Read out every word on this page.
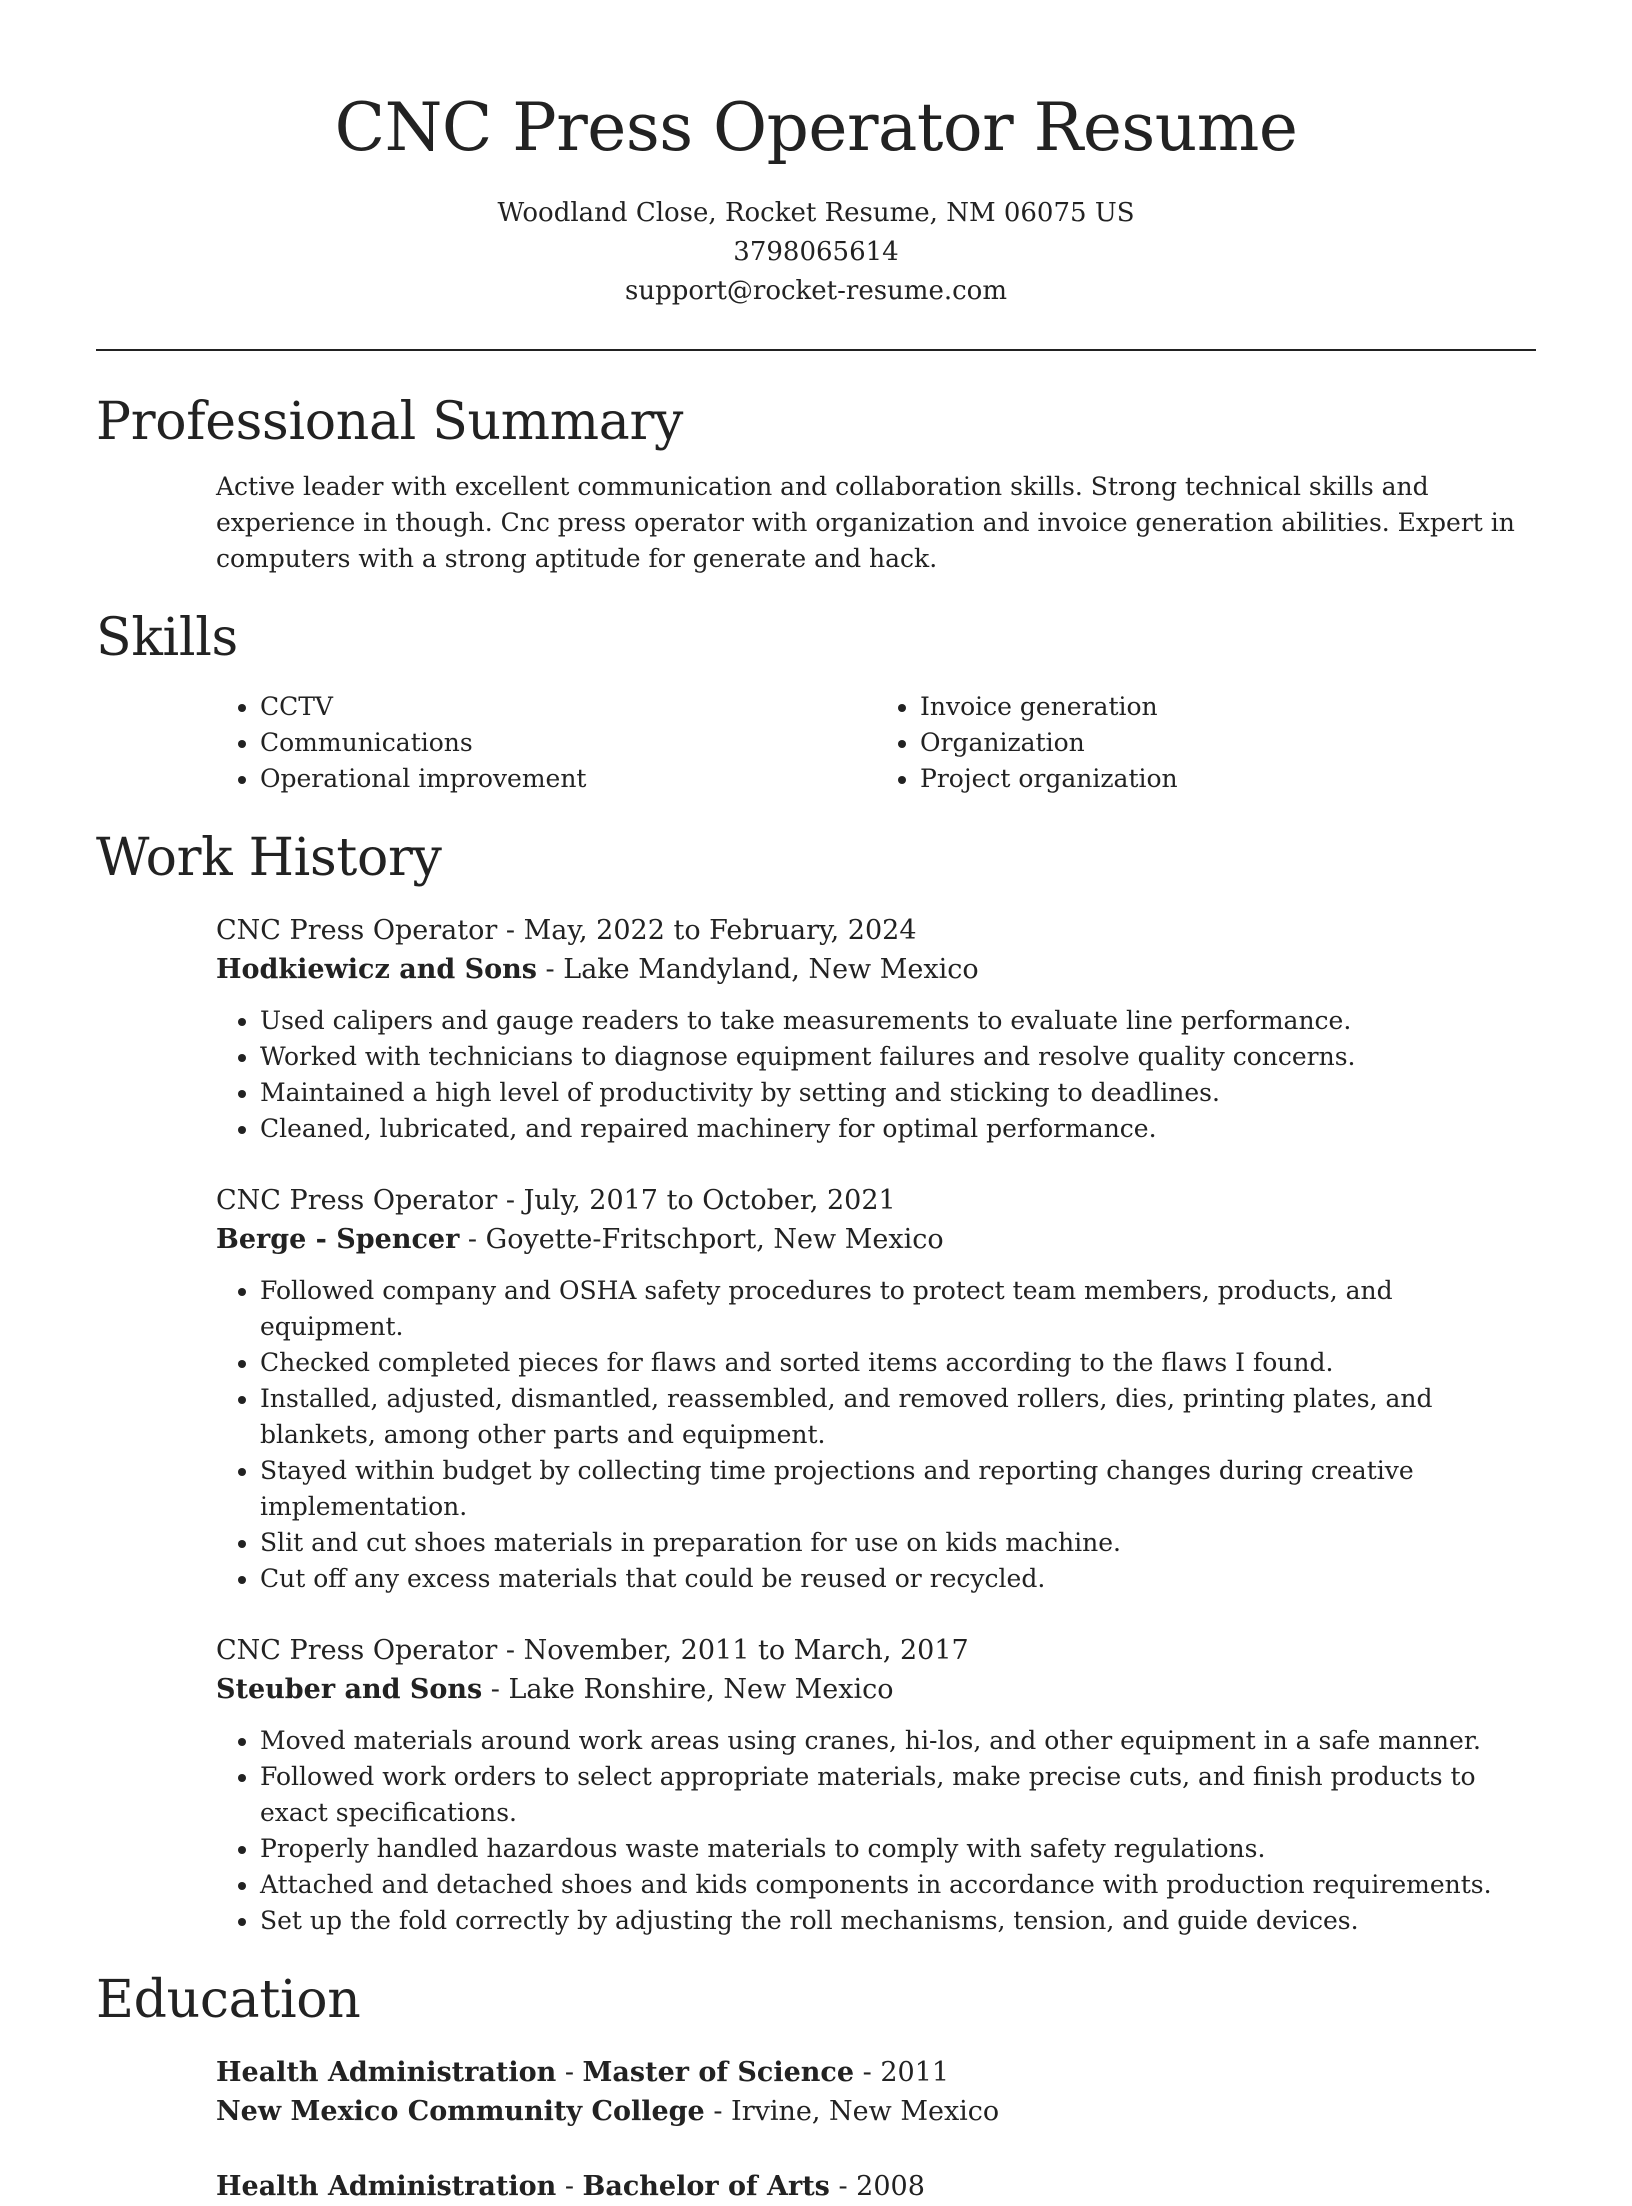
CNC Press Operator Resume
Woodland Close, Rocket Resume, NM 06075 US
3798065614
support@rocket-resume.com
Professional Summary

Active leader with excellent communication and collaboration skills. Strong technical skills and experience in though. Cnc press operator with organization and invoice generation abilities. Expert in computers with a strong aptitude for generate and hack.

Skills
• CCTV
• Communications
• Operational improvement
• Invoice generation
• Organization
• Project organization
Work History
CNC Press Operator - May, 2022 to February, 2024
Hodkiewicz and Sons - Lake Mandyland, New Mexico
• Used calipers and gauge readers to take measurements to evaluate line performance.
• Worked with technicians to diagnose equipment failures and resolve quality concerns.
• Maintained a high level of productivity by setting and sticking to deadlines.
• Cleaned, lubricated, and repaired machinery for optimal performance.
CNC Press Operator - July, 2017 to October, 2021
Berge - Spencer - Goyette-Fritschport, New Mexico
• Followed company and OSHA safety procedures to protect team members, products, and equipment.
• Checked completed pieces for flaws and sorted items according to the flaws I found.
• Installed, adjusted, dismantled, reassembled, and removed rollers, dies, printing plates, and blankets, among other parts and equipment.
• Stayed within budget by collecting time projections and reporting changes during creative implementation.
• Slit and cut shoes materials in preparation for use on kids machine.
• Cut off any excess materials that could be reused or recycled.
CNC Press Operator - November, 2011 to March, 2017
Steuber and Sons - Lake Ronshire, New Mexico
• Moved materials around work areas using cranes, hi-los, and other equipment in a safe manner.
• Followed work orders to select appropriate materials, make precise cuts, and finish products to exact specifications.
• Properly handled hazardous waste materials to comply with safety regulations.
• Attached and detached shoes and kids components in accordance with production requirements.
• Set up the fold correctly by adjusting the roll mechanisms, tension, and guide devices.
Education
Health Administration - Master of Science - 2011
New Mexico Community College - Irvine, New Mexico
Health Administration - Bachelor of Arts - 2008
